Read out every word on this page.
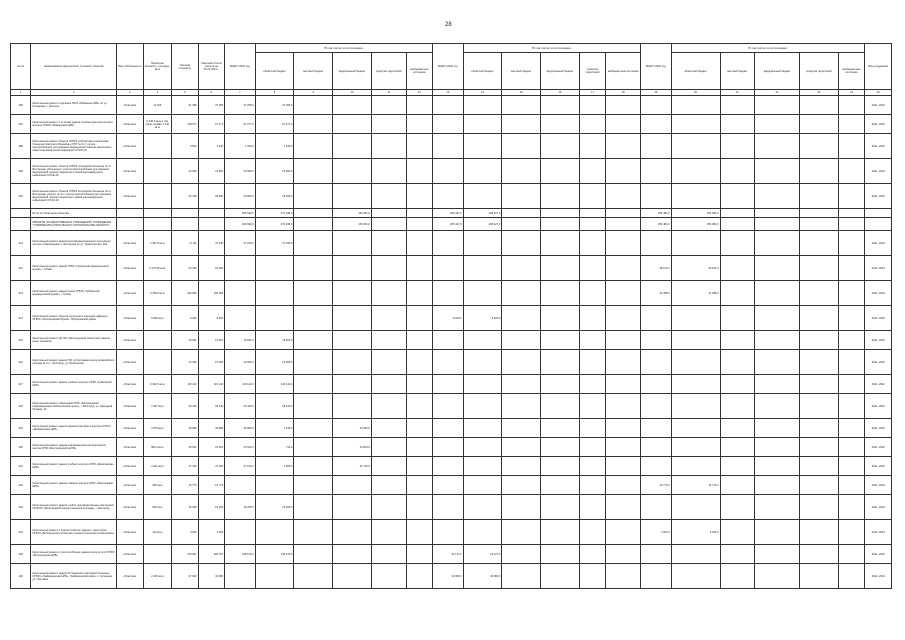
28
№ п/п	Наименование мероприятий, строений, объектов	Вид собственности	Проектная мощность, площадь, кв.м	Сметная стоимость	Сметный остаток средств на 01.01.2021 г.	ВСЕГО 2021 год	В том числе по источникам:					ВСЕГО 2022 год	В том числе по источникам:					ВСЕГО 2023 год	В том числе по источникам:					Фонд поддержки
							областной бюджет	местный бюджет	федеральный бюджет	средства территорий	внебюджетные источники		областной бюджет	местный бюджет	федеральный бюджет	средства территорий	внебюджетные источники		областной бюджет	местный бюджет	федеральный бюджет	средства территорий	внебюджетные источники	
1	2	3	4	5	6	7	8	9	10	11	12	13	14	15	16	17	18	19	20	21	22	23	24	25
406	Капитальный ремонт отделения ГБУЗ «Районная ЦРБ» по ул. Гончарова, с. Красное	областная	11 165	61 355	37 255	37 255,0	37 255,0																	2021 -2022
407	Капитальный ремонт 1-го этажа здания лечебно-диагностического корпуса ОГБУЗ «Ровеньская ЦРБ»	областная	5 240,0 кв.м в том числе подвал 1 136 кв.м	128 577	97 277	97 277,0	97 277,0																	2021 -2022
408	Капитальный ремонт объекта ОГБУЗ «Областная клиническая больница Святителя Иоасафа» (ЛПУ № 2) с учетом приспособления для оказания медицинской помощи пациентам с новой коронавирусной инфекцией COVID-19	областная		6 500	1 340	1 340,0	1 340,0																	2021 -2022
409	Капитальный ремонт объекта ОГБУЗ «Городская больница № 2 г. Белгорода» (больница) с учетом приспособления для оказания медицинской помощи пациентам с новой коронавирусной инфекцией COVID-19	областная		24 066	23 990	23 990,0	23 990,0																	2021 -2022
410	Капитальный ремонт объекта ОГБУЗ «Городская больница № 2 г. Белгорода» (корпус № 3) с учетом приспособления для оказания медицинской помощи пациентам с новой коронавирусной инфекцией COVID-19	областная		42 159	29 990	29 990,0	29 990,0																	2021 -2022
	Итого по областным объектам					625 699,0	472 338,0		153 361,0			265 427,0	265 427,0					254 484,0	254 484,0					
	ОБЪЕКТЫ ГОСУДАРСТВЕННЫХ УЧРЕЖДЕНИЙ, УЧРЕЖДЕНИЯ "УПРАВЛЕНИЯ КАПИТАЛЬНОГО СТРОИТЕЛЬСТВА ОБЛАСТИ"					626 699,0	472 338,0		154 361,0			265 427,0	265 427,0					254 484,0	254 484,0					
411	Капитальный ремонт здания многофункционального культурного центра «Современник» г. Белгорода по ул. Транспортная, 16а	областная	2 357,5 кв.м	71 111	47 030	47 030,0	47 030,0																	2021 -2022
412	Капитальный ремонт зданий ОГБУ «Губкинский краеведческий музей» г. Губкин	областная	5 175,25 кв.м	64 284	64 284													28 162,0	28 162,0					2023 -2024
413	Капитальный ремонт здания музея ОГБУК «Губкинский краеведческий музей», г. Губкин	областная	4 780,8 кв.м	106 666	100 655													31 288,0	31 288,0					2023 -2024
414	Капитальный ремонт объекта культурного наследия «Дворец» ОГБУК «Прохоровский Музей», Прохоровский район	областная	5 560 кв.м	8 300	8 320							8 320,0	8 320,0											2022 -2023
415	Капитальный ремонт ЦК ГБУ «Белгородская областная станция юных техников»	областная		15 561	15 561	15 561,0	15 561,0																	2021 -2022
416	Капитальный ремонт здания ГБУ «Спортивная школа олимпийского резерва № 2», г. Белгород, ул. Вокзальная	областная		13 065	13 065	13 065,0	13 065,0																	2021 -2022
417	Капитальный ремонт здания учебного корпуса ОГБУ «Губкинский ЦРБ»	областная	9 462,6 кв.м	115 142	115 142	115 142,0	115 142,0																	2021 -2022
418	Капитальный ремонт помещений ОГБУ «Белгородский информационно-библиотечный центр», г. Белгород, ул. Народный бульвар, 42	областная	2 337 кв.м	39 425	33 440	33 440,0	33 440,0																	2021 -2022
419	Капитальный ремонт здания административного корпуса ОГБУЗ «Шебекинская ЦРБ»	областная	1 876 кв.м	49 989	49 989	35 956,0	1 436,0		34 520,0															2021 -2022
420	Капитальный ремонт здания информационно-методического центра ОГБУ «Белгородский ЦНТИ»	областная	583,3 кв.м	35 601	24 524	24 524,0	711,0		23 813,0															2021 -2022
421	Капитальный ремонт здания учебного корпуса ОГБУ «Яковлевская ЦРБ»	областная	1 021 кв.м	47 100	47 100	47 100,0	1 384,0		45 716,0															2021 -2022
422	Капитальный ремонт здания главного корпуса ОГБУ «Ракитянская ЦРБ»	областная	265 кв.м	15 773	15 773													15 773,0	15 773,0					2023 -2024
423	Капитальный ремонт здания учебно-производственных мастерских ОГАПОУ «Белгородский индустриальный колледж», г. Белгород	областная	606 кв.м	16 256	16 256	16 256,0	16 256,0																	2021 -2022
424	Капитальный ремонт и благоустройство здания и территории ОГБУЗ «Белгородская областная стоматологическая поликлиника»	областная	110 кв.м	3 266	3 266													3 266,0	3 266,0					2023 -2024
425	Капитальный ремонт и приспособление здания корпуса № 2 ОГБУЗ «Белгородская ЦРБ»	областная		379 297	229 797	138 670,0	138 670,0					91 127,0	91 127,0											2021 -2022
426	Капитальный ремонт здания Хотмыжской участковой больницы ОГБУЗ «Грайворонская ЦРБ», Грайворонский район, с. Хотмыжск, ул. Почтовая	областная	2 160 кв.м	47 902	43 080							43 080,0	43 080,0											2022 -2023
